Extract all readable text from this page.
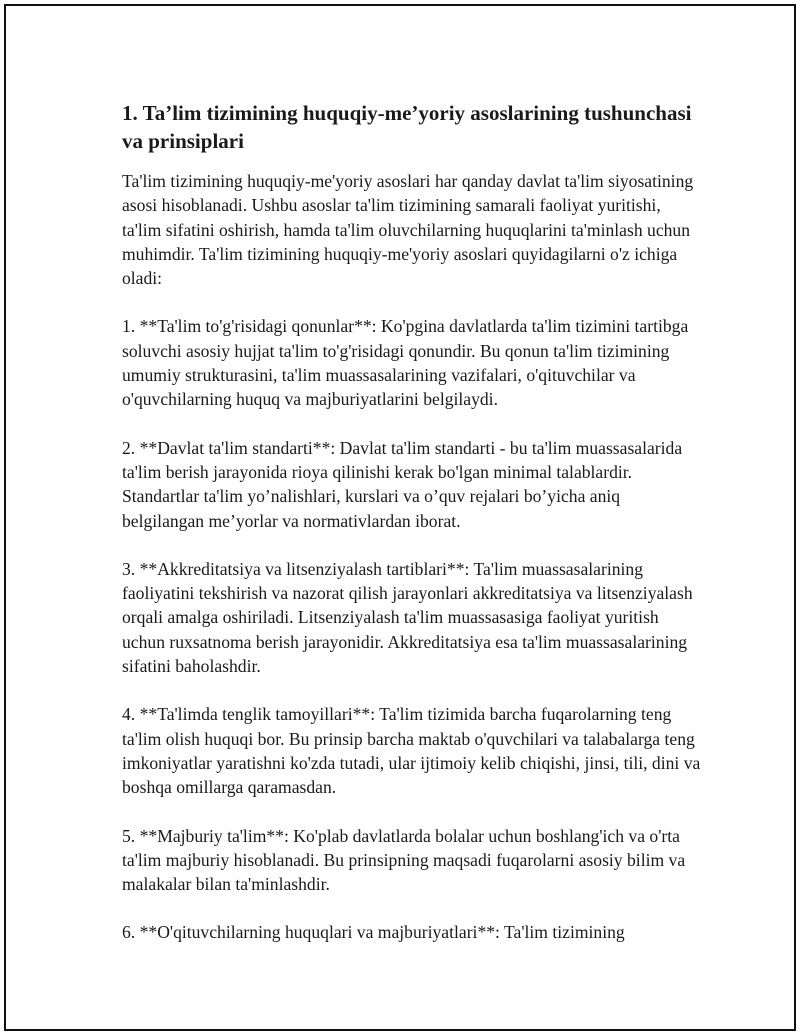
1. Ta’lim tizimining huquqiy-me’yoriy asoslarining tushunchasi va prinsiplari

Ta'lim tizimining huquqiy-me'yoriy asoslari har qanday davlat ta'lim siyosatining asosi hisoblanadi. Ushbu asoslar ta'lim tizimining samarali faoliyat yuritishi, ta'lim sifatini oshirish, hamda ta'lim oluvchilarning huquqlarini ta'minlash uchun muhimdir. Ta'lim tizimining huquqiy-me'yoriy asoslari quyidagilarni o'z ichiga oladi:

1. **Ta'lim to'g'risidagi qonunlar**: Ko'pgina davlatlarda ta'lim tizimini tartibga soluvchi asosiy hujjat ta'lim to'g'risidagi qonundir. Bu qonun ta'lim tizimining umumiy strukturasini, ta'lim muassasalarining vazifalari, o'qituvchilar va o'quvchilarning huquq va majburiyatlarini belgilaydi.

2. **Davlat ta'lim standarti**: Davlat ta'lim standarti - bu ta'lim muassasalarida ta'lim berish jarayonida rioya qilinishi kerak bo'lgan minimal talablardir. Standartlar ta'lim yo’nalishlari, kurslari va o’quv rejalari bo’yicha aniq belgilangan me’yorlar va normativlardan iborat.

3. **Akkreditatsiya va litsenziyalash tartiblari**: Ta'lim muassasalarining faoliyatini tekshirish va nazorat qilish jarayonlari akkreditatsiya va litsenziyalash orqali amalga oshiriladi. Litsenziyalash ta'lim muassasasiga faoliyat yuritish uchun ruxsatnoma berish jarayonidir. Akkreditatsiya esa ta'lim muassasalarining sifatini baholashdir.

4. **Ta'limda tenglik tamoyillari**: Ta'lim tizimida barcha fuqarolarning teng ta'lim olish huquqi bor. Bu prinsip barcha maktab o'quvchilari va talabalarga teng imkoniyatlar yaratishni ko'zda tutadi, ular ijtimoiy kelib chiqishi, jinsi, tili, dini va boshqa omillarga qaramasdan.

5. **Majburiy ta'lim**: Ko'plab davlatlarda bolalar uchun boshlang'ich va o'rta ta'lim majburiy hisoblanadi. Bu prinsipning maqsadi fuqarolarni asosiy bilim va malakalar bilan ta'minlashdir.

6. **O'qituvchilarning huquqlari va majburiyatlari**: Ta'lim tizimining
